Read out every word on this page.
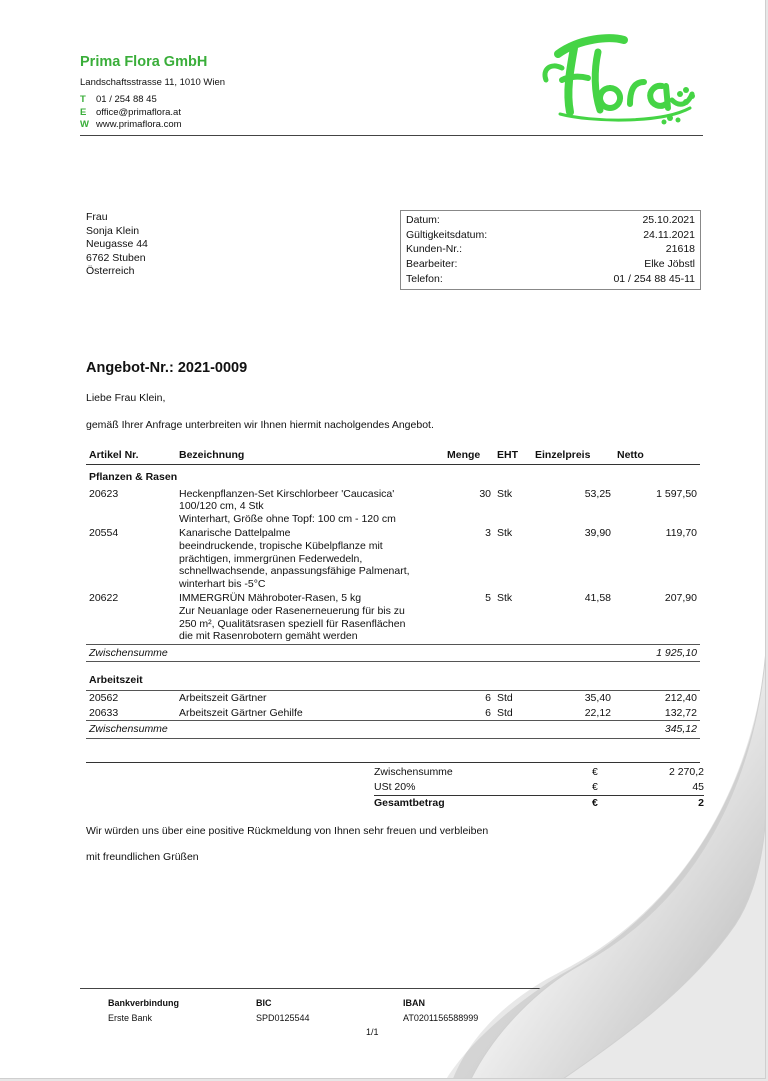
Prima Flora GmbH
Landschaftsstrasse 11, 1010 Wien
T 01 / 254 88 45
E office@primaflora.at
W www.primaflora.com
Frau
Sonja Klein
Neugasse 44
6762 Stuben
Österreich
Datum:	25.10.2021
Gültigkeitsdatum:	24.11.2021
Kunden-Nr.:	21618
Bearbeiter:	Elke Jöbstl
Telefon:	01 / 254 88 45-11
Angebot-Nr.: 2021-0009
Liebe Frau Klein,
gemäß Ihrer Anfrage unterbreiten wir Ihnen hiermit nacholgendes Angebot.
Artikel Nr.	Bezeichnung	Menge	EHT	Einzelpreis	Netto
Pflanzen & Rasen					
20623	Heckenpflanzen-Set Kirschlorbeer 'Caucasica'
100/120 cm, 4 Stk
Winterhart, Größe ohne Topf: 100 cm - 120 cm	30	Stk	53,25	1 597,50
20554	Kanarische Dattelpalme
beeindruckende, tropische Kübelpflanze mit
prächtigen, immergrünen Federwedeln,
schnellwachsende, anpassungsfähige Palmenart,
winterhart bis -5°C	3	Stk	39,90	119,70
20622	IMMERGRÜN Mähroboter-Rasen, 5 kg
Zur Neuanlage oder Rasenerneuerung für bis zu
250 m², Qualitätsrasen speziell für Rasenflächen
die mit Rasenrobotern gemäht werden	5	Stk	41,58	207,90
Zwischensumme					1 925,10

Arbeitszeit					
20562	Arbeitszeit Gärtner	6	Std	35,40	212,40
20633	Arbeitszeit Gärtner Gehilfe	6	Std	22,12	132,72
Zwischensumme					345,12
Zwischensumme	€	2 270,2
USt 20%	€	45
Gesamtbetrag	€	2
Wir würden uns über eine positive Rückmeldung von Ihnen sehr freuen und verbleiben
mit freundlichen Grüßen
Bankverbindung
Erste Bank
BIC
SPD0125544
IBAN
AT0201156588999
1/1
